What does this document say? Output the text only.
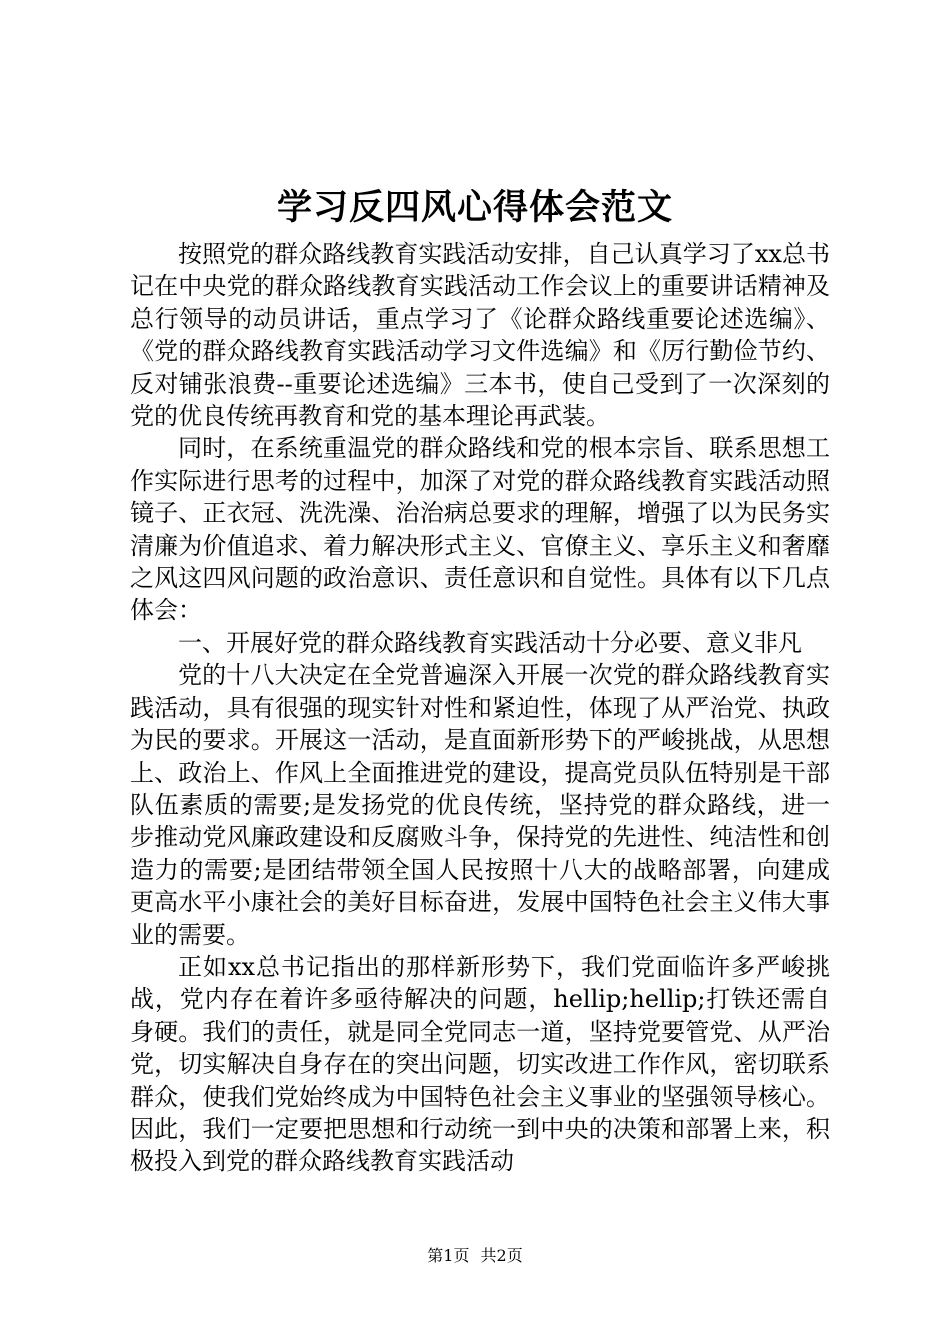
学习反四风心得体会范文

按照党的群众路线教育实践活动安排，自己认真学习了xx总书记在中央党的群众路线教育实践活动工作会议上的重要讲话精神及总行领导的动员讲话，重点学习了《论群众路线重要论述选编》、《党的群众路线教育实践活动学习文件选编》和《厉行勤俭节约、反对铺张浪费--重要论述选编》三本书，使自己受到了一次深刻的党的优良传统再教育和党的基本理论再武装。

同时，在系统重温党的群众路线和党的根本宗旨、联系思想工作实际进行思考的过程中，加深了对党的群众路线教育实践活动照镜子、正衣冠、洗洗澡、治治病总要求的理解，增强了以为民务实清廉为价值追求、着力解决形式主义、官僚主义、享乐主义和奢靡之风这四风问题的政治意识、责任意识和自觉性。具体有以下几点体会：

一、开展好党的群众路线教育实践活动十分必要、意义非凡

党的十八大决定在全党普遍深入开展一次党的群众路线教育实践活动，具有很强的现实针对性和紧迫性，体现了从严治党、执政为民的要求。开展这一活动，是直面新形势下的严峻挑战，从思想上、政治上、作风上全面推进党的建设，提高党员队伍特别是干部队伍素质的需要;是发扬党的优良传统，坚持党的群众路线，进一步推动党风廉政建设和反腐败斗争，保持党的先进性、纯洁性和创造力的需要;是团结带领全国人民按照十八大的战略部署，向建成更高水平小康社会的美好目标奋进，发展中国特色社会主义伟大事业的需要。

正如xx总书记指出的那样新形势下，我们党面临许多严峻挑战，党内存在着许多亟待解决的问题，hellip;hellip;打铁还需自身硬。我们的责任，就是同全党同志一道，坚持党要管党、从严治党，切实解决自身存在的突出问题，切实改进工作作风，密切联系群众，使我们党始终成为中国特色社会主义事业的坚强领导核心。因此，我们一定要把思想和行动统一到中央的决策和部署上来，积极投入到党的群众路线教育实践活动

第1页 共2页
